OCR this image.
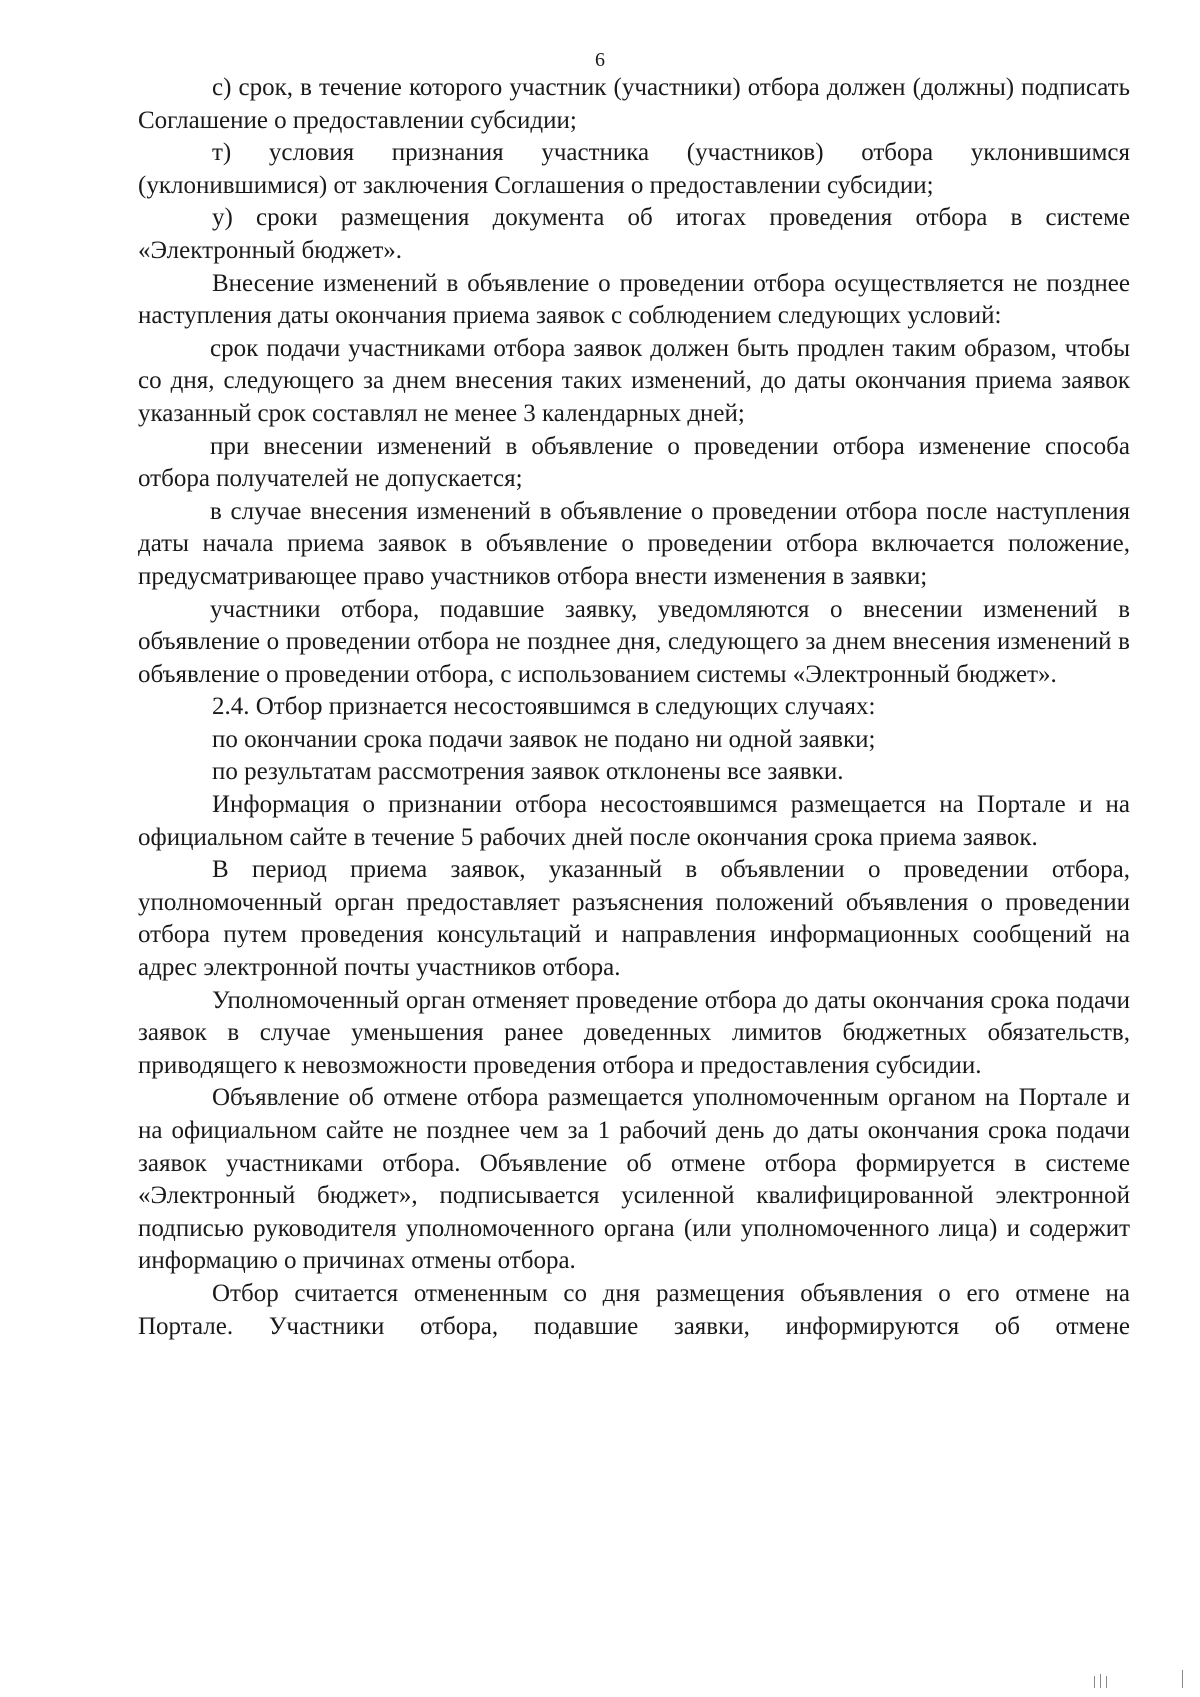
6

с) срок, в течение которого участник (участники) отбора должен (должны) подписать Соглашение о предоставлении субсидии;

т) условия признания участника (участников) отбора уклонившимся (уклонившимися) от заключения Соглашения о предоставлении субсидии;

у) сроки размещения документа об итогах проведения отбора в системе «Электронный бюджет».

Внесение изменений в объявление о проведении отбора осуществляется не позднее наступления даты окончания приема заявок с соблюдением следующих условий:

срок подачи участниками отбора заявок должен быть продлен таким образом, чтобы со дня, следующего за днем внесения таких изменений, до даты окончания приема заявок указанный срок составлял не менее 3 календарных дней;

при внесении изменений в объявление о проведении отбора изменение способа отбора получателей не допускается;

в случае внесения изменений в объявление о проведении отбора после наступления даты начала приема заявок в объявление о проведении отбора включается положение, предусматривающее право участников отбора внести изменения в заявки;

участники отбора, подавшие заявку, уведомляются о внесении изменений в объявление о проведении отбора не позднее дня, следующего за днем внесения изменений в объявление о проведении отбора, с использованием системы «Электронный бюджет».

2.4. Отбор признается несостоявшимся в следующих случаях:

по окончании срока подачи заявок не подано ни одной заявки;

по результатам рассмотрения заявок отклонены все заявки.

Информация о признании отбора несостоявшимся размещается на Портале и на официальном сайте в течение 5 рабочих дней после окончания срока приема заявок.

В период приема заявок, указанный в объявлении о проведении отбора, уполномоченный орган предоставляет разъяснения положений объявления о проведении отбора путем проведения консультаций и направления информационных сообщений на адрес электронной почты участников отбора.

Уполномоченный орган отменяет проведение отбора до даты окончания срока подачи заявок в случае уменьшения ранее доведенных лимитов бюджетных обязательств, приводящего к невозможности проведения отбора и предоставления субсидии.

Объявление об отмене отбора размещается уполномоченным органом на Портале и на официальном сайте не позднее чем за 1 рабочий день до даты окончания срока подачи заявок участниками отбора. Объявление об отмене отбора формируется в системе «Электронный бюджет», подписывается усиленной квалифицированной электронной подписью руководителя уполномоченного органа (или уполномоченного лица) и содержит информацию о причинах отмены отбора.

Отбор считается отмененным со дня размещения объявления о его отмене на Портале. Участники отбора, подавшие заявки, информируются об отмене
